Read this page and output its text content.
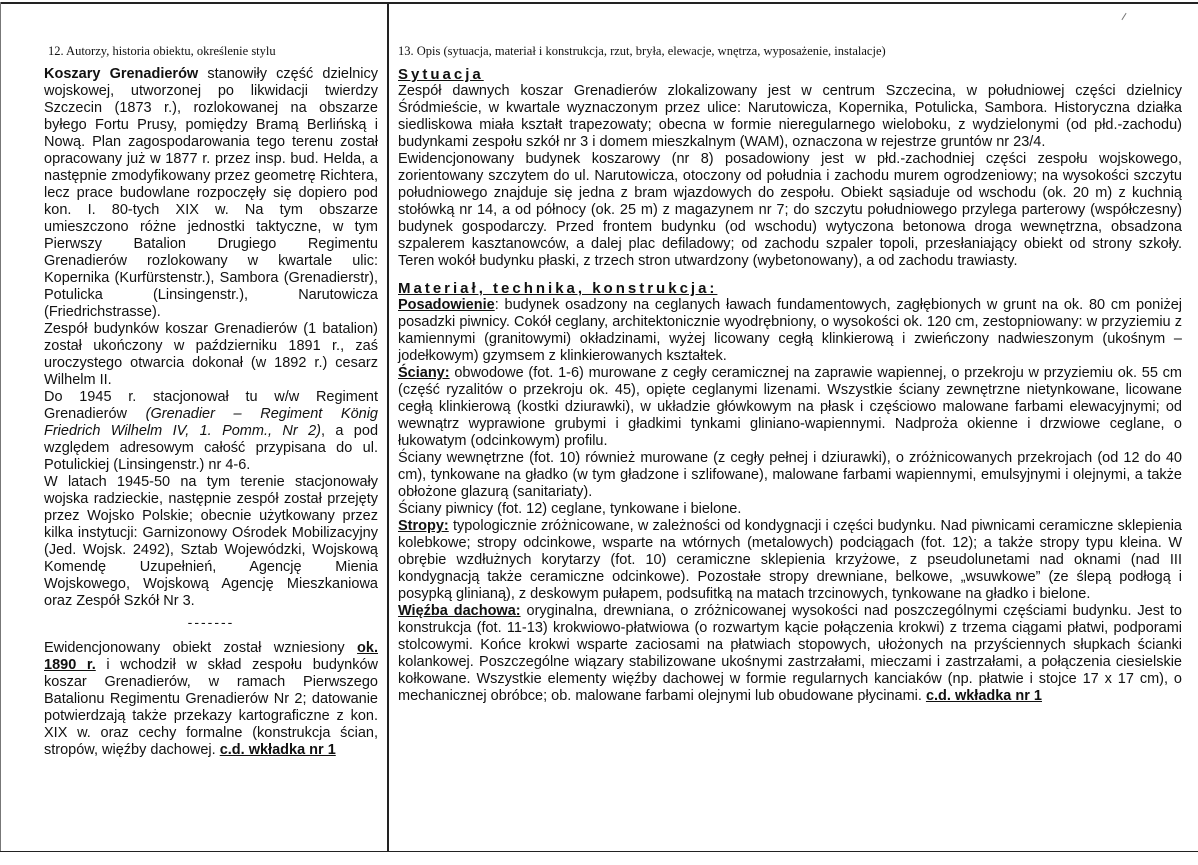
12. Autorzy, historia obiektu, określenie stylu

Koszary Grenadierów stanowiły część dzielnicy wojskowej, utworzonej po likwidacji twierdzy Szczecin (1873 r.), rozlokowanej na obszarze byłego Fortu Prusy, pomiędzy Bramą Berlińską i Nową. Plan zagospodarowania tego terenu został opracowany już w 1877 r. przez insp. bud. Helda, a następnie zmodyfikowany przez geometrę Richtera, lecz prace budowlane rozpoczęły się dopiero pod kon. I. 80-tych XIX w. Na tym obszarze umieszczono różne jednostki taktyczne, w tym Pierwszy Batalion Drugiego Regimentu Grenadierów rozlokowany w kwartale ulic: Kopernika (Kurfürstenstr.), Sambora (Grenadierstr), Potulicka (Linsingenstr.), Narutowicza (Friedrichstrasse).

Zespół budynków koszar Grenadierów (1 batalion) został ukończony w październiku 1891 r., zaś uroczystego otwarcia dokonał (w 1892 r.) cesarz Wilhelm II.

Do 1945 r. stacjonował tu w/w Regiment Grenadierów (Grenadier – Regiment König Friedrich Wilhelm IV, 1. Pomm., Nr 2), a pod względem adresowym całość przypisana do ul. Potulickiej (Linsingenstr.) nr 4-6.

W latach 1945-50 na tym terenie stacjonowały wojska radzieckie, następnie zespół został przejęty przez Wojsko Polskie; obecnie użytkowany przez kilka instytucji: Garnizonowy Ośrodek Mobilizacyjny (Jed. Wojsk. 2492), Sztab Wojewódzki, Wojskową Komendę Uzupełnień, Agencję Mienia Wojskowego, Wojskową Agencję Mieszkaniowa oraz Zespół Szkół Nr 3.

-------

Ewidencjonowany obiekt został wzniesiony ok. 1890 r. i wchodził w skład zespołu budynków koszar Grenadierów, w ramach Pierwszego Batalionu Regimentu Grenadierów Nr 2; datowanie potwierdzają także przekazy kartograficzne z kon. XIX w. oraz cechy formalne (konstrukcja ścian, stropów, więźby dachowej. c.d. wkładka nr 1

13. Opis (sytuacja, materiał i konstrukcja, rzut, bryła, elewacje, wnętrza, wyposażenie, instalacje)
Sytuacja

Zespół dawnych koszar Grenadierów zlokalizowany jest w centrum Szczecina, w południowej części dzielnicy Śródmieście, w kwartale wyznaczonym przez ulice: Narutowicza, Kopernika, Potulicka, Sambora. Historyczna działka siedliskowa miała kształt trapezowaty; obecna w formie nieregularnego wieloboku, z wydzielonymi (od płd.-zachodu) budynkami zespołu szkół nr 3 i domem mieszkalnym (WAM), oznaczona w rejestrze gruntów nr 23/4.

Ewidencjonowany budynek koszarowy (nr 8) posadowiony jest w płd.-zachodniej części zespołu wojskowego, zorientowany szczytem do ul. Narutowicza, otoczony od południa i zachodu murem ogrodzeniowy; na wysokości szczytu południowego znajduje się jedna z bram wjazdowych do zespołu. Obiekt sąsiaduje od wschodu (ok. 20 m) z kuchnią stołówką nr 14, a od północy (ok. 25 m) z magazynem nr 7; do szczytu południowego przylega parterowy (współczesny) budynek gospodarczy. Przed frontem budynku (od wschodu) wytyczona betonowa droga wewnętrzna, obsadzona szpalerem kasztanowców, a dalej plac defiladowy; od zachodu szpaler topoli, przesłaniający obiekt od strony szkoły. Teren wokół budynku płaski, z trzech stron utwardzony (wybetonowany), a od zachodu trawiasty.

Materiał, technika, konstrukcja:

Posadowienie: budynek osadzony na ceglanych ławach fundamentowych, zagłębionych w grunt na ok. 80 cm poniżej posadzki piwnicy. Cokół ceglany, architektonicznie wyodrębniony, o wysokości ok. 120 cm, zestopniowany: w przyziemiu z kamiennymi (granitowymi) okładzinami, wyżej licowany cegłą klinkierową i zwieńczony nadwieszonym (ukośnym – jodełkowym) gzymsem z klinkierowanych kształtek.

Ściany: obwodowe (fot. 1-6) murowane z cegły ceramicznej na zaprawie wapiennej, o przekroju w przyziemiu ok. 55 cm (część ryzalitów o przekroju ok. 45), opięte ceglanymi lizenami. Wszystkie ściany zewnętrzne nietynkowane, licowane cegłą klinkierową (kostki dziurawki), w układzie główkowym na płask i częściowo malowane farbami elewacyjnymi; od wewnątrz wyprawione grubymi i gładkimi tynkami gliniano-wapiennymi. Nadproża okienne i drzwiowe ceglane, o łukowatym (odcinkowym) profilu.

Ściany wewnętrzne (fot. 10) również murowane (z cegły pełnej i dziurawki), o zróżnicowanych przekrojach (od 12 do 40 cm), tynkowane na gładko (w tym gładzone i szlifowane), malowane farbami wapiennymi, emulsyjnymi i olejnymi, a także obłożone glazurą (sanitariaty).

Ściany piwnicy (fot. 12) ceglane, tynkowane i bielone.

Stropy: typologicznie zróżnicowane, w zależności od kondygnacji i części budynku. Nad piwnicami ceramiczne sklepienia kolebkowe; stropy odcinkowe, wsparte na wtórnych (metalowych) podciągach (fot. 12); a także stropy typu kleina. W obrębie wzdłużnych korytarzy (fot. 10) ceramiczne sklepienia krzyżowe, z pseudolunetami nad oknami (nad III kondygnacją także ceramiczne odcinkowe). Pozostałe stropy drewniane, belkowe, „wsuwkowe” (ze ślepą podłogą i posypką glinianą), z deskowym pułapem, podsufitką na matach trzcinowych, tynkowane na gładko i bielone.

Więźba dachowa: oryginalna, drewniana, o zróżnicowanej wysokości nad poszczególnymi częściami budynku. Jest to konstrukcja (fot. 11-13) krokwiowo-płatwiowa (o rozwartym kącie połączenia krokwi) z trzema ciągami płatwi, podporami stolcowymi. Końce krokwi wsparte zaciosami na płatwiach stopowych, ułożonych na przyściennych słupkach ścianki kolankowej. Poszczególne wiązary stabilizowane ukośnymi zastrzałami, mieczami i zastrzałami, a połączenia ciesielskie kołkowane. Wszystkie elementy więźby dachowej w formie regularnych kanciaków (np. płatwie i stojce 17 x 17 cm), o mechanicznej obróbce; ob. malowane farbami olejnymi lub obudowane płycinami. c.d. wkładka nr 1
